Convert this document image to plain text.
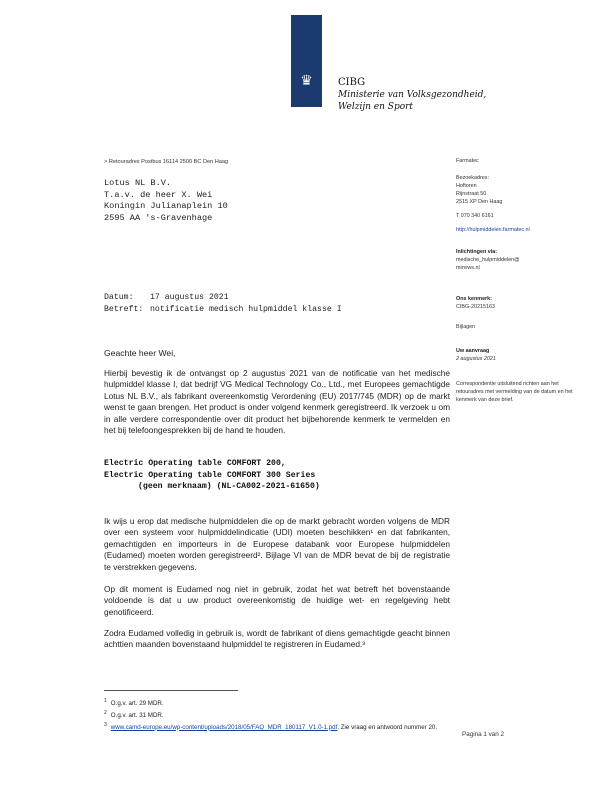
♛	CIBG
Ministerie van Volksgezondheid,
Welzijn en Sport
> Retouradres Postbus 16114 2500 BC Den Haag
Lotus NL B.V.
T.a.v. de heer X. Wei
Koningin Julianaplein 10
2595 AA 's-Gravenhage
Datum: 17 augustus 2021
Betreft: notificatie medisch hulpmiddel klasse I
Geachte heer Wei,
Hierbij bevestig ik de ontvangst op 2 augustus 2021 van de notificatie van het medische hulpmiddel klasse I, dat bedrijf VG Medical Technology Co., Ltd., met Europees gemachtigde Lotus NL B.V., als fabrikant overeenkomstig Verordening (EU) 2017/745 (MDR) op de markt wenst te gaan brengen. Het product is onder volgend kenmerk geregistreerd. Ik verzoek u om in alle verdere correspondentie over dit product het bijbehorende kenmerk te vermelden en het bij telefoongesprekken bij de hand te houden.
Electric Operating table COMFORT 200,
Electric Operating table COMFORT 300 Series
(geen merknaam) (NL-CA002-2021-61650)
Ik wijs u erop dat medische hulpmiddelen die op de markt gebracht worden volgens de MDR over een systeem voor hulpmiddelindicatie (UDI) moeten beschikken¹ en dat fabrikanten, gemachtigden en importeurs in de Europese databank voor Europese hulpmiddelen (Eudamed) moeten worden geregistreerd². Bijlage VI van de MDR bevat de bij de registratie te verstrekken gegevens.
Op dit moment is Eudamed nog niet in gebruik, zodat het wat betreft het bovenstaande voldoende is dat u uw product overeenkomstig de huidige wet- en regelgeving hebt genotificeerd.
Zodra Eudamed volledig in gebruik is, wordt de fabrikant of diens gemachtigde geacht binnen achttien maanden bovenstaand hulpmiddel te registreren in Eudamed.³
$^1$ O.g.v. art. 29 MDR.
$^2$ O.g.v. art. 31 MDR.
$^3$ www.camd-europe.eu/wp-content/uploads/2018/05/FAQ_MDR_180117_V1.0-1.pdf. Zie vraag en antwoord nummer 20.
Pagina 1 van 2
Farmatec
Bezoekadres:
Hoftoren
Rijnstraat 50
2515 XP Den Haag
T 070 340 6161
http://hulpmiddelen.farmatec.nl
Inlichtingen via:
medische_hulpmiddelen@
minvws.nl
Ons kenmerk:
CIBG-20215163
Bijlagen
Uw aanvraag
2 augustus 2021
Correspondentie uitsluitend richten aan het retouradres met vermelding van de datum en het kenmerk van deze brief.
